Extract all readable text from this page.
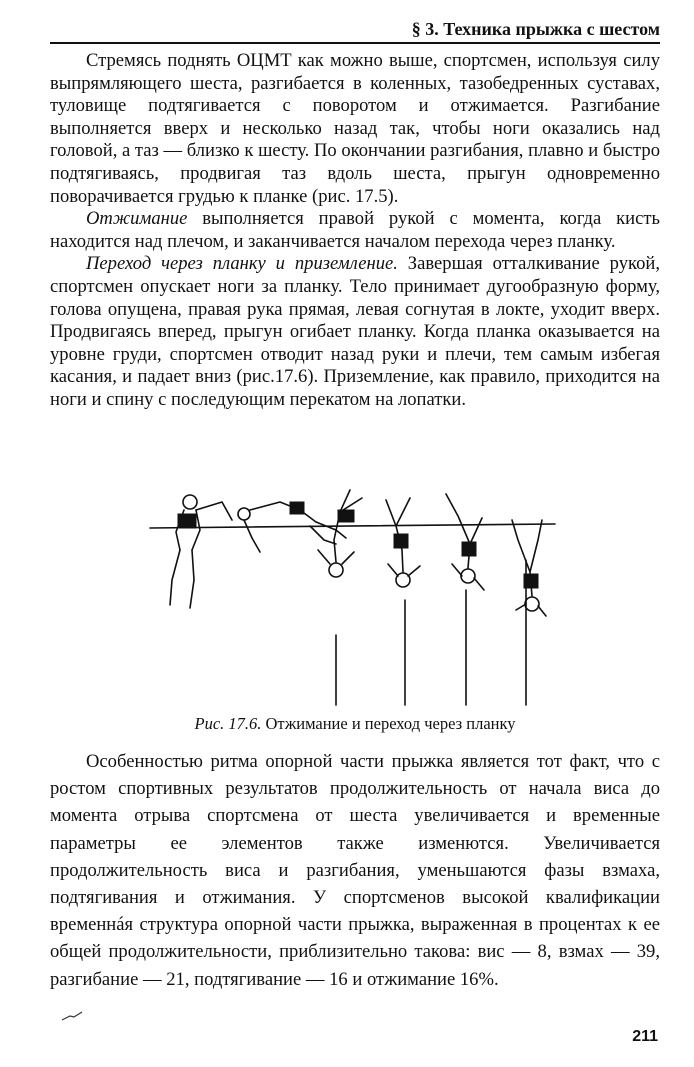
§ 3. Техника прыжка с шестом

Стремясь поднять ОЦМТ как можно выше, спортсмен, используя силу выпрямляющего шеста, разгибается в коленных, тазобедренных суставах, туловище подтягивается с поворотом и отжимается. Разгибание выполняется вверх и несколько назад так, чтобы ноги оказались над головой, а таз — близко к шесту. По окончании разгибания, плавно и быстро подтягиваясь, продвигая таз вдоль шеста, прыгун одновременно поворачивается грудью к планке (рис. 17.5).

Отжимание выполняется правой рукой с момента, когда кисть находится над плечом, и заканчивается началом перехода через планку.

Переход через планку и приземление. Завершая отталкивание рукой, спортсмен опускает ноги за планку. Тело принимает дугообразную форму, голова опущена, правая рука прямая, левая согнутая в локте, уходит вверх. Продвигаясь вперед, прыгун огибает планку. Когда планка оказывается на уровне груди, спортсмен отводит назад руки и плечи, тем самым избегая касания, и падает вниз (рис.17.6). Приземление, как правило, приходится на ноги и спину с последующим перекатом на лопатки.

Рис. 17.6. Отжимание и переход через планку

Особенностью ритма опорной части прыжка является тот факт, что с ростом спортивных результатов продолжительность от начала виса до момента отрыва спортсмена от шеста увеличивается и временные параметры ее элементов также изменются. Увеличивается продолжительность виса и разгибания, уменьшаются фазы взмаха, подтягивания и отжимания. У спортсменов высокой квалификации временнáя структура опорной части прыжка, выраженная в процентах к ее общей продолжительности, приблизительно такова: вис — 8, взмах — 39, разгибание — 21, подтягивание — 16 и отжимание 16%.

211
